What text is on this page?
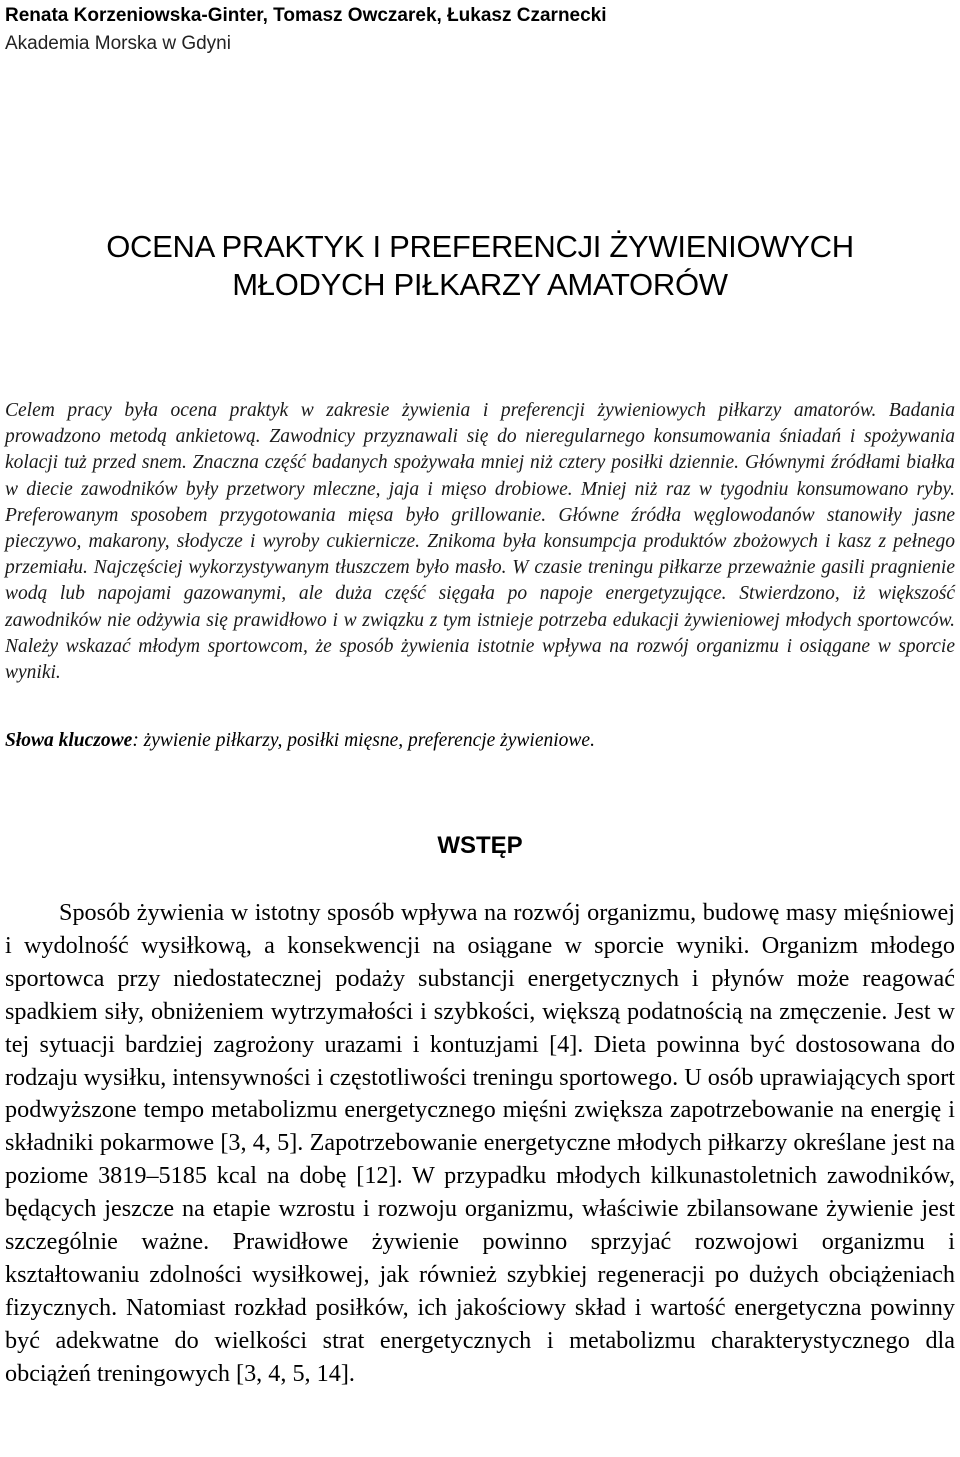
Renata Korzeniowska-Ginter, Tomasz Owczarek, Łukasz Czarnecki
Akademia Morska w Gdyni
OCENA PRAKTYK I PREFERENCJI ŻYWIENIOWYCH
MŁODYCH PIŁKARZY AMATORÓW

Celem pracy była ocena praktyk w zakresie żywienia i preferencji żywieniowych piłkarzy amatorów. Badania prowadzono metodą ankietową. Zawodnicy przyznawali się do nieregularnego konsumowania śniadań i spożywania kolacji tuż przed snem. Znaczna część badanych spożywała mniej niż cztery posiłki dziennie. Głównymi źródłami białka w diecie zawodników były przetwory mleczne, jaja i mięso drobiowe. Mniej niż raz w tygodniu konsumowano ryby. Preferowanym sposobem przygotowania mięsa było grillowanie. Główne źródła węglowodanów stanowiły jasne pieczywo, makarony, słodycze i wyroby cukiernicze. Znikoma była konsumpcja produktów zbożowych i kasz z pełnego przemiału. Najczęściej wykorzystywanym tłuszczem było masło. W czasie treningu piłkarze przeważnie gasili pragnienie wodą lub napojami gazowanymi, ale duża część sięgała po napoje energetyzujące. Stwierdzono, iż większość zawodników nie odżywia się prawidłowo i w związku z tym istnieje potrzeba edukacji żywieniowej młodych sportowców. Należy wskazać młodym sportowcom, że sposób żywienia istotnie wpływa na rozwój organizmu i osiągane w sporcie wyniki.

Słowa kluczowe: żywienie piłkarzy, posiłki mięsne, preferencje żywieniowe.

WSTĘP

Sposób żywienia w istotny sposób wpływa na rozwój organizmu, budowę masy mięśniowej i wydolność wysiłkową, a konsekwencji na osiągane w sporcie wyniki. Organizm młodego sportowca przy niedostatecznej podaży substancji energetycznych i płynów może reagować spadkiem siły, obniżeniem wytrzymałości i szybkości, większą podatnością na zmęczenie. Jest w tej sytuacji bardziej zagrożony urazami i kontuzjami [4]. Dieta powinna być dostosowana do rodzaju wysiłku, intensywności i częstotliwości treningu sportowego. U osób uprawiających sport podwyższone tempo metabolizmu energetycznego mięśni zwiększa zapotrzebowanie na energię i składniki pokarmowe [3, 4, 5]. Zapotrzebowanie energetyczne młodych piłkarzy określane jest na poziome 3819–5185 kcal na dobę [12]. W przypadku młodych kilkunastoletnich zawodników, będących jeszcze na etapie wzrostu i rozwoju organizmu, właściwie zbilansowane żywienie jest szczególnie ważne. Prawidłowe żywienie powinno sprzyjać rozwojowi organizmu i kształtowaniu zdolności wysiłkowej, jak również szybkiej regeneracji po dużych obciążeniach fizycznych. Natomiast rozkład posiłków, ich jakościowy skład i wartość energetyczna powinny być adekwatne do wielkości strat energetycznych i metabolizmu charakterystycznego dla obciążeń treningowych [3, 4, 5, 14].
